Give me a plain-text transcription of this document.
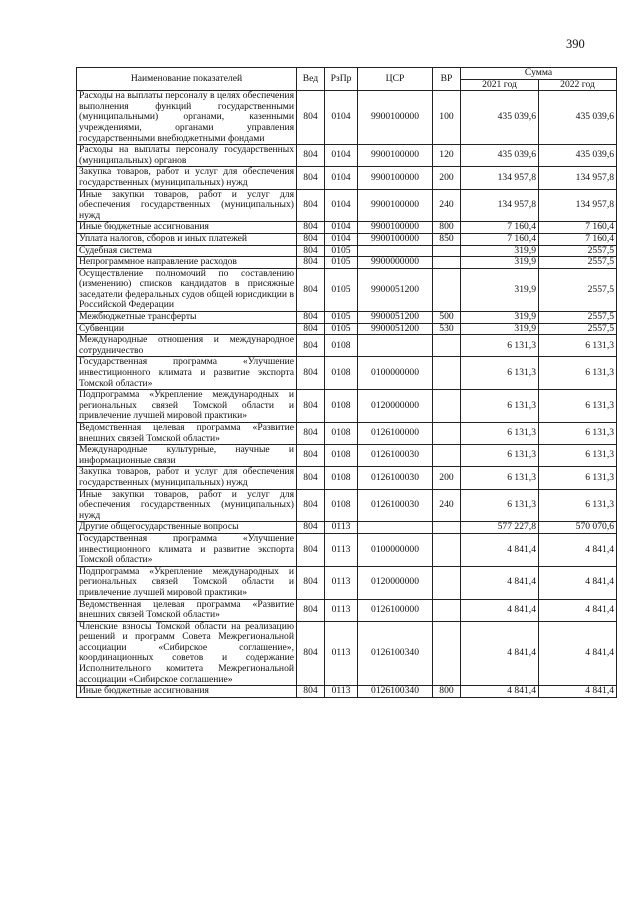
390
Наименование показателей	Вед	РзПр	ЦСР	ВР	Сумма	
					2021 год	2022 год
Расходы на выплаты персоналу в целях обеспечения выполнения функций государственными (муниципальными) органами, казенными учреждениями, органами управления государственными внебюджетными фондами	804	0104	9900100000	100	435 039,6	435 039,6
Расходы на выплаты персоналу государственных (муниципальных) органов	804	0104	9900100000	120	435 039,6	435 039,6
Закупка товаров, работ и услуг для обеспечения государственных (муниципальных) нужд	804	0104	9900100000	200	134 957,8	134 957,8
Иные закупки товаров, работ и услуг для обеспечения государственных (муниципальных) нужд	804	0104	9900100000	240	134 957,8	134 957,8
Иные бюджетные ассигнования	804	0104	9900100000	800	7 160,4	7 160,4
Уплата налогов, сборов и иных платежей	804	0104	9900100000	850	7 160,4	7 160,4
Судебная система	804	0105			319,9	2557,5
Непрограммное направление расходов	804	0105	9900000000		319,9	2557,5
Осуществление полномочий по составлению (изменению) списков кандидатов в присяжные заседатели федеральных судов общей юрисдикции в Российской Федерации	804	0105	9900051200		319,9	2557,5
Межбюджетные трансферты	804	0105	9900051200	500	319,9	2557,5
Субвенции	804	0105	9900051200	530	319,9	2557,5
Международные отношения и международное сотрудничество	804	0108			6 131,3	6 131,3
Государственная программа «Улучшение инвестиционного климата и развитие экспорта Томской области»	804	0108	0100000000		6 131,3	6 131,3
Подпрограмма «Укрепление международных и региональных связей Томской области и привлечение лучшей мировой практики»	804	0108	0120000000		6 131,3	6 131,3
Ведомственная целевая программа «Развитие внешних связей Томской области»	804	0108	0126100000		6 131,3	6 131,3
Международные культурные, научные и информационные связи	804	0108	0126100030		6 131,3	6 131,3
Закупка товаров, работ и услуг для обеспечения государственных (муниципальных) нужд	804	0108	0126100030	200	6 131,3	6 131,3
Иные закупки товаров, работ и услуг для обеспечения государственных (муниципальных) нужд	804	0108	0126100030	240	6 131,3	6 131,3
Другие общегосударственные вопросы	804	0113			577 227,8	570 070,6
Государственная программа «Улучшение инвестиционного климата и развитие экспорта Томской области»	804	0113	0100000000		4 841,4	4 841,4
Подпрограмма «Укрепление международных и региональных связей Томской области и привлечение лучшей мировой практики»	804	0113	0120000000		4 841,4	4 841,4
Ведомственная целевая программа «Развитие внешних связей Томской области»	804	0113	0126100000		4 841,4	4 841,4
Членские взносы Томской области на реализацию решений и программ Совета Межрегиональной ассоциации «Сибирское соглашение», координационных советов и содержание Исполнительного комитета Межрегиональной ассоциации «Сибирское соглашение»	804	0113	0126100340		4 841,4	4 841,4
Иные бюджетные ассигнования	804	0113	0126100340	800	4 841,4	4 841,4
